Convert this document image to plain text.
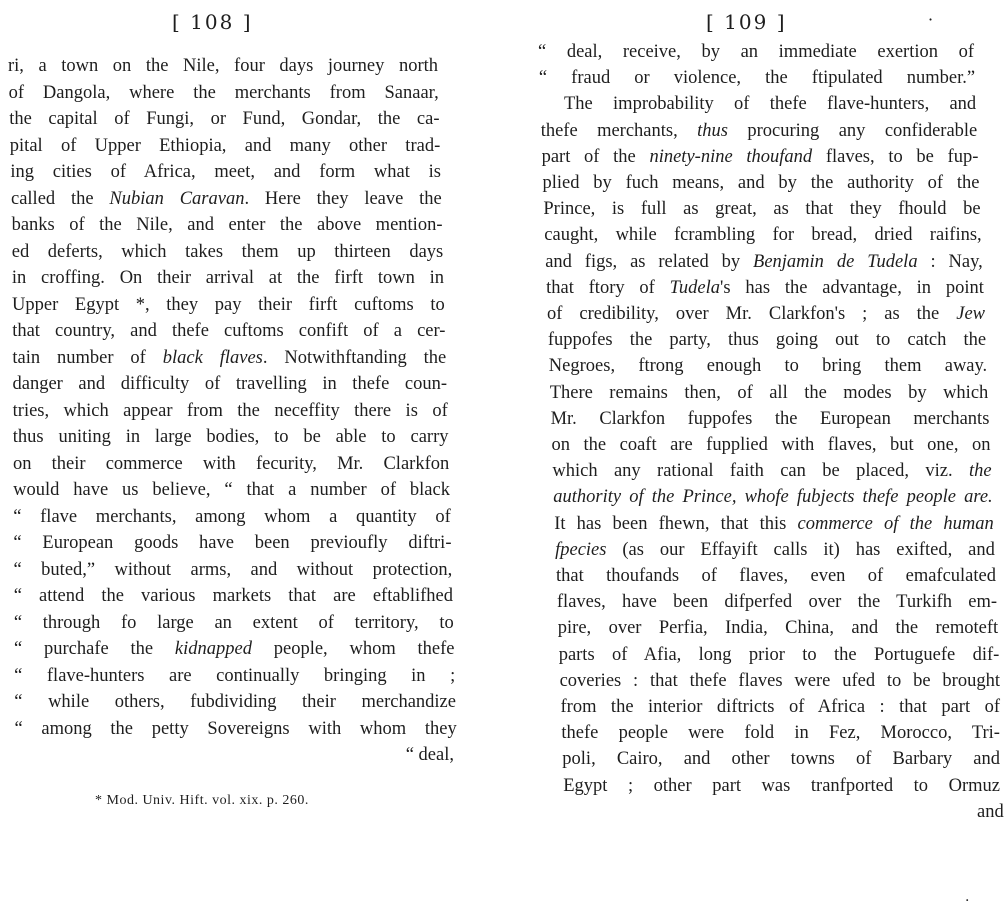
[ 108 ]
ri, a town on the Nile, four days journey north
of Dangola, where the merchants from Sanaar,
the capital of Fungi, or Fund, Gondar, the ca-
pital of Upper Ethiopia, and many other trad-
ing cities of Africa, meet, and form what is
called the Nubian Caravan. Here they leave the
banks of the Nile, and enter the above mention-
ed deferts, which takes them up thirteen days
in croffing. On their arrival at the firft town in
Upper Egypt *, they pay their firft cuftoms to
that country, and thefe cuftoms confift of a cer-
tain number of black flaves. Notwithftanding the
danger and difficulty of travelling in thefe coun-
tries, which appear from the neceffity there is of
thus uniting in large bodies, to be able to carry
on their commerce with fecurity, Mr. Clarkfon
would have us believe, “ that a number of black
“ flave merchants, among whom a quantity of
“ European goods have been previoufly diftri-
“ buted,” without arms, and without protection,
“ attend the various markets that are eftablifhed
“ through fo large an extent of territory, to
“ purchafe the kidnapped people, whom thefe
“ flave-hunters are continually bringing in ;
“ while others, fubdividing their merchandize
“ among the petty Sovereigns with whom they
“ deal,
* Mod. Univ. Hift. vol. xix. p. 260.
[ 109 ]	·
“ deal, receive, by an immediate exertion of
“ fraud or violence, the ftipulated number.”
The improbability of thefe flave-hunters, and
thefe merchants, thus procuring any confiderable
part of the ninety-nine thoufand flaves, to be fup-
plied by fuch means, and by the authority of the
Prince, is full as great, as that they fhould be
caught, while fcrambling for bread, dried raifins,
and figs, as related by Benjamin de Tudela : Nay,
that ftory of Tudela's has the advantage, in point
of credibility, over Mr. Clarkfon's ; as the Jew
fuppofes the party, thus going out to catch the
Negroes, ftrong enough to bring them away.
There remains then, of all the modes by which
Mr. Clarkfon fuppofes the European merchants
on the coaft are fupplied with flaves, but one, on
which any rational faith can be placed, viz. the
authority of the Prince, whofe fubjects thefe people are.
It has been fhewn, that this commerce of the human
fpecies (as our Effayift calls it) has exifted, and
that thoufands of flaves, even of emafculated
flaves, have been difperfed over the Turkifh em-
pire, over Perfia, India, China, and the remoteft
parts of Afia, long prior to the Portuguefe dif-
coveries : that thefe flaves were ufed to be brought
from the interior diftricts of Africa : that part of
thefe people were fold in Fez, Morocco, Tri-
poli, Cairo, and other towns of Barbary and
Egypt ; other part was tranfported to Ormuz
and
·
